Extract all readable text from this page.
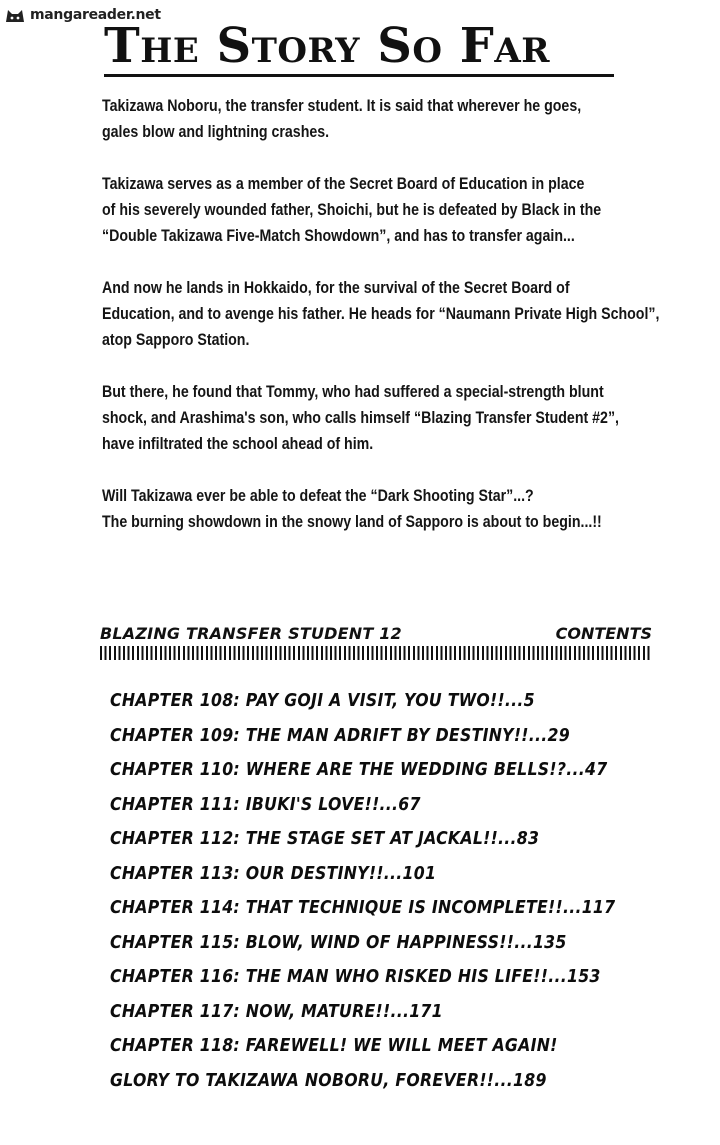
mangareader.net
The Story So Far

Takizawa Noboru, the transfer student. It is said that wherever he goes,
gales blow and lightning crashes.

Takizawa serves as a member of the Secret Board of Education in place
of his severely wounded father, Shoichi, but he is defeated by Black in the
“Double Takizawa Five-Match Showdown”, and has to transfer again...

And now he lands in Hokkaido, for the survival of the Secret Board of
Education, and to avenge his father. He heads for “Naumann Private High School”,
atop Sapporo Station.

But there, he found that Tommy, who had suffered a special-strength blunt
shock, and Arashima's son, who calls himself “Blazing Transfer Student #2”,
have infiltrated the school ahead of him.

Will Takizawa ever be able to defeat the “Dark Shooting Star”...?
The burning showdown in the snowy land of Sapporo is about to begin...!!

BLAZING TRANSFER STUDENT 12	CONTENTS
CHAPTER 108: PAY GOJI A VISIT, YOU TWO!!...5
CHAPTER 109: THE MAN ADRIFT BY DESTINY!!...29
CHAPTER 110: WHERE ARE THE WEDDING BELLS!?...47
CHAPTER 111: IBUKI'S LOVE!!...67
CHAPTER 112: THE STAGE SET AT JACKAL!!...83
CHAPTER 113: OUR DESTINY!!...101
CHAPTER 114: THAT TECHNIQUE IS INCOMPLETE!!...117
CHAPTER 115: BLOW, WIND OF HAPPINESS!!...135
CHAPTER 116: THE MAN WHO RISKED HIS LIFE!!...153
CHAPTER 117: NOW, MATURE!!...171
CHAPTER 118: FAREWELL! WE WILL MEET AGAIN!
GLORY TO TAKIZAWA NOBORU, FOREVER!!...189
